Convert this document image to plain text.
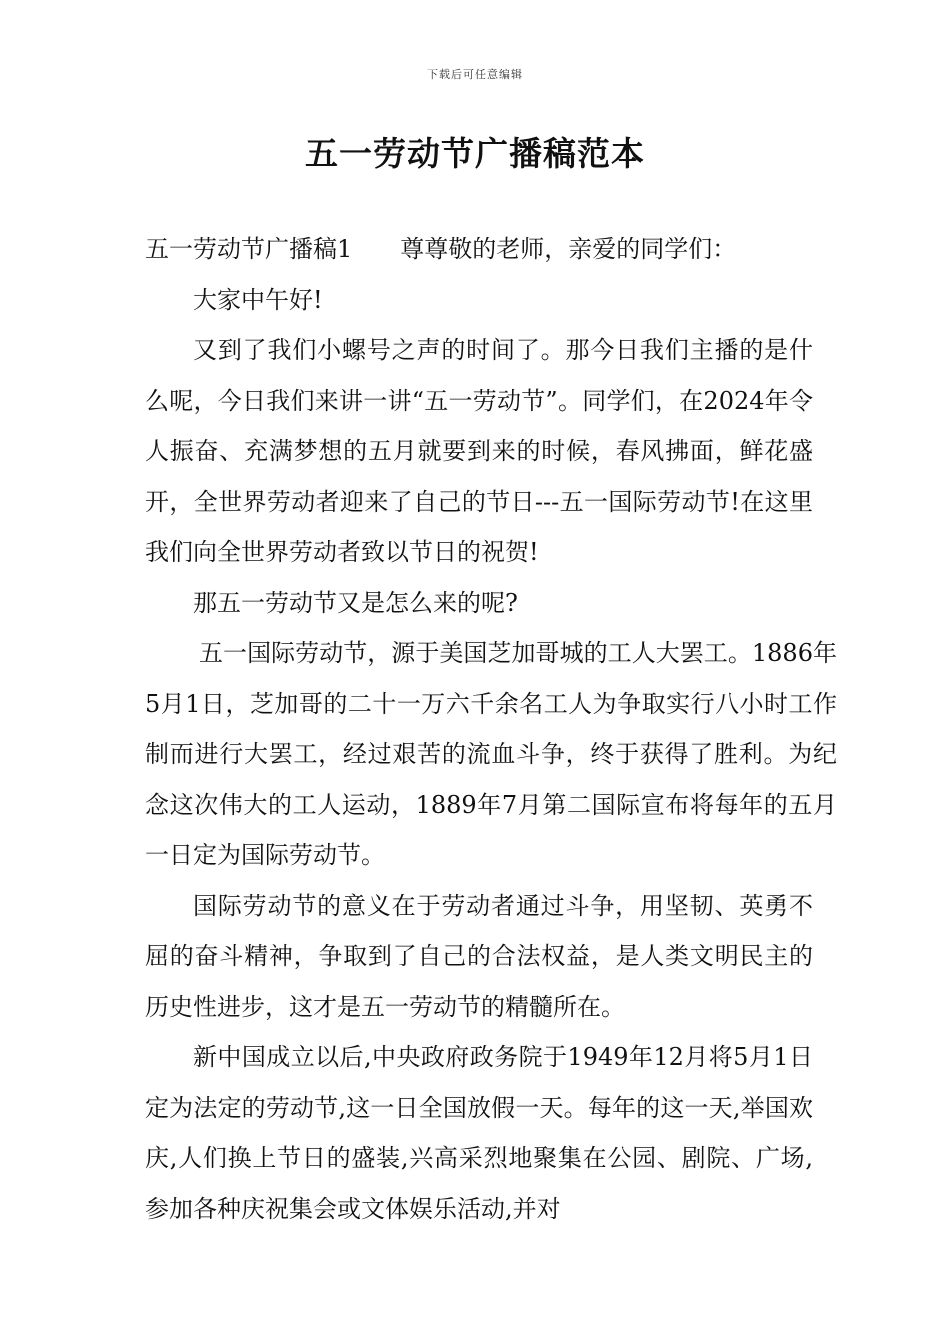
下载后可任意编辑
五一劳动节广播稿范本

五一劳动节广播稿1　　尊尊敬的老师，亲爱的同学们：

大家中午好!

又到了我们小螺号之声的时间了。那今日我们主播的是什么呢，今日我们来讲一讲“五一劳动节”。同学们，在2024年令人振奋、充满梦想的五月就要到来的时候，春风拂面，鲜花盛开，全世界劳动者迎来了自己的节日---五一国际劳动节!在这里我们向全世界劳动者致以节日的祝贺!

那五一劳动节又是怎么来的呢?

五一国际劳动节，源于美国芝加哥城的工人大罢工。1886年5月1日，芝加哥的二十一万六千余名工人为争取实行八小时工作制而进行大罢工，经过艰苦的流血斗争，终于获得了胜利。为纪念这次伟大的工人运动，1889年7月第二国际宣布将每年的五月一日定为国际劳动节。

国际劳动节的意义在于劳动者通过斗争，用坚韧、英勇不屈的奋斗精神，争取到了自己的合法权益，是人类文明民主的历史性进步，这才是五一劳动节的精髓所在。

新中国成立以后,中央政府政务院于1949年12月将5月1日定为法定的劳动节,这一日全国放假一天。每年的这一天,举国欢庆,人们换上节日的盛装,兴高采烈地聚集在公园、剧院、广场,参加各种庆祝集会或文体娱乐活动,并对
